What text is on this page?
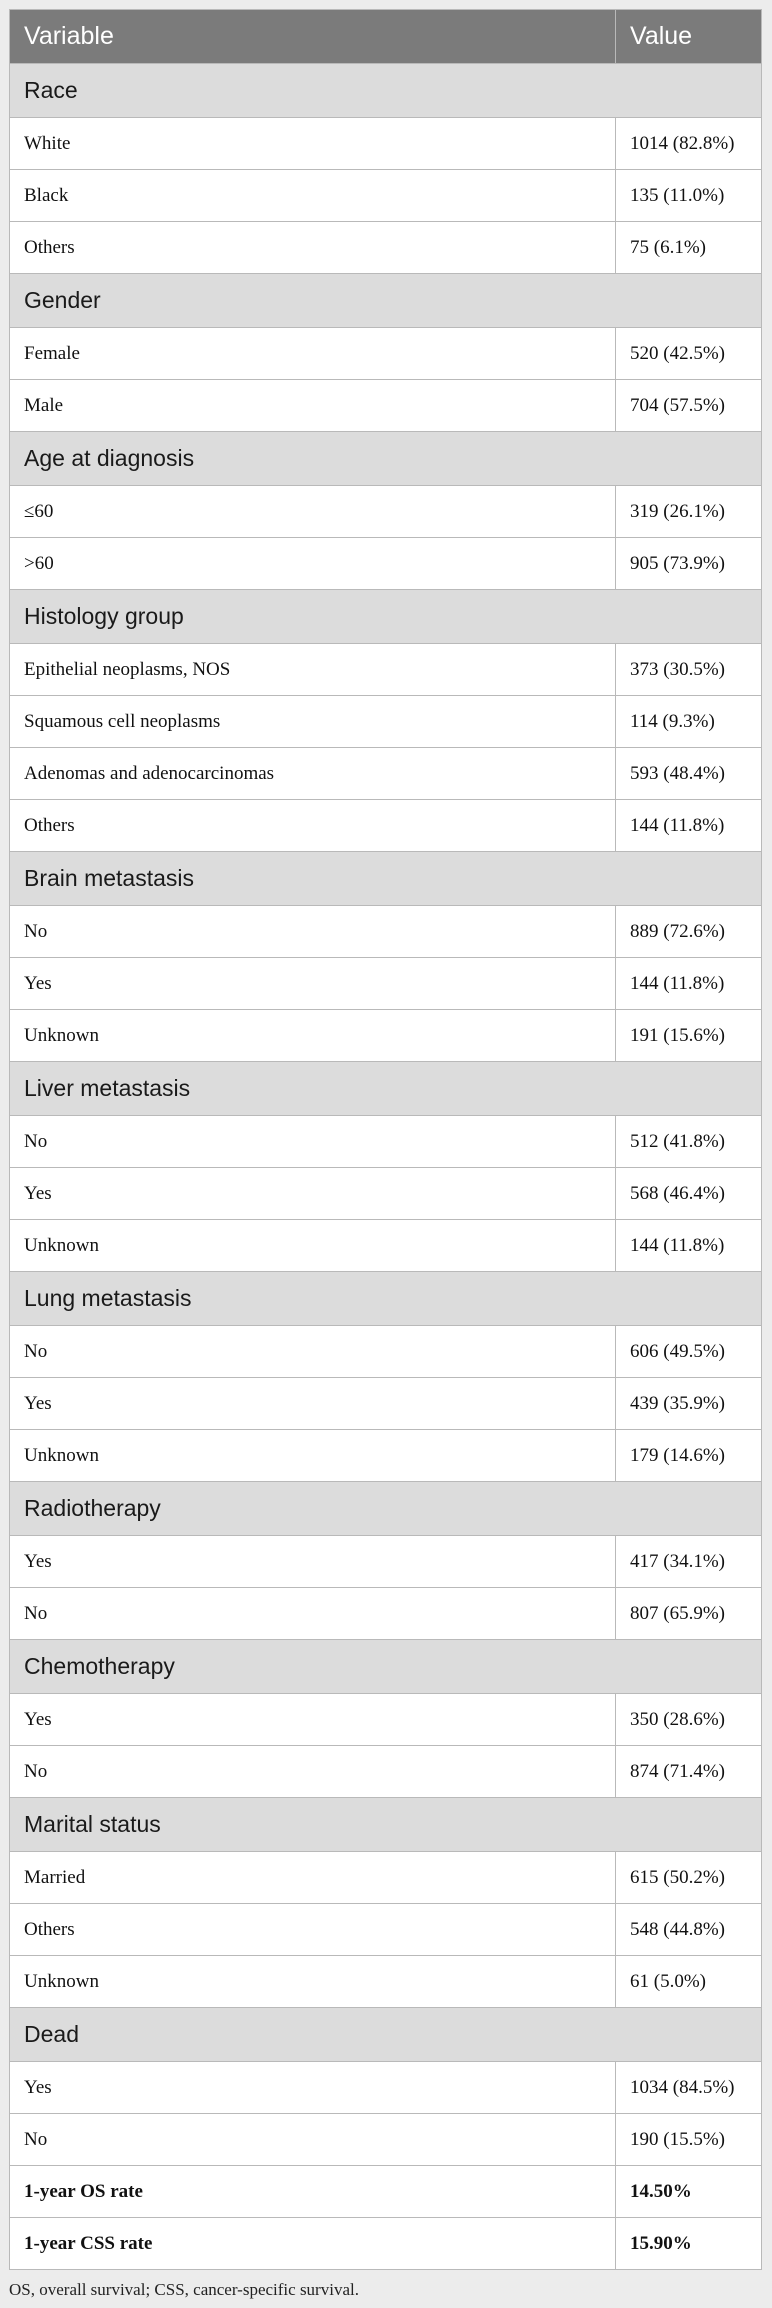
Variable	Value
Race	
White	1014 (82.8%)
Black	135 (11.0%)
Others	75 (6.1%)
Gender	
Female	520 (42.5%)
Male	704 (57.5%)
Age at diagnosis	
≤60	319 (26.1%)
>60	905 (73.9%)
Histology group	
Epithelial neoplasms, NOS	373 (30.5%)
Squamous cell neoplasms	114 (9.3%)
Adenomas and adenocarcinomas	593 (48.4%)
Others	144 (11.8%)
Brain metastasis	
No	889 (72.6%)
Yes	144 (11.8%)
Unknown	191 (15.6%)
Liver metastasis	
No	512 (41.8%)
Yes	568 (46.4%)
Unknown	144 (11.8%)
Lung metastasis	
No	606 (49.5%)
Yes	439 (35.9%)
Unknown	179 (14.6%)
Radiotherapy	
Yes	417 (34.1%)
No	807 (65.9%)
Chemotherapy	
Yes	350 (28.6%)
No	874 (71.4%)
Marital status	
Married	615 (50.2%)
Others	548 (44.8%)
Unknown	61 (5.0%)
Dead	
Yes	1034 (84.5%)
No	190 (15.5%)
1-year OS rate	14.50%
1-year CSS rate	15.90%
OS, overall survival; CSS, cancer-specific survival.
